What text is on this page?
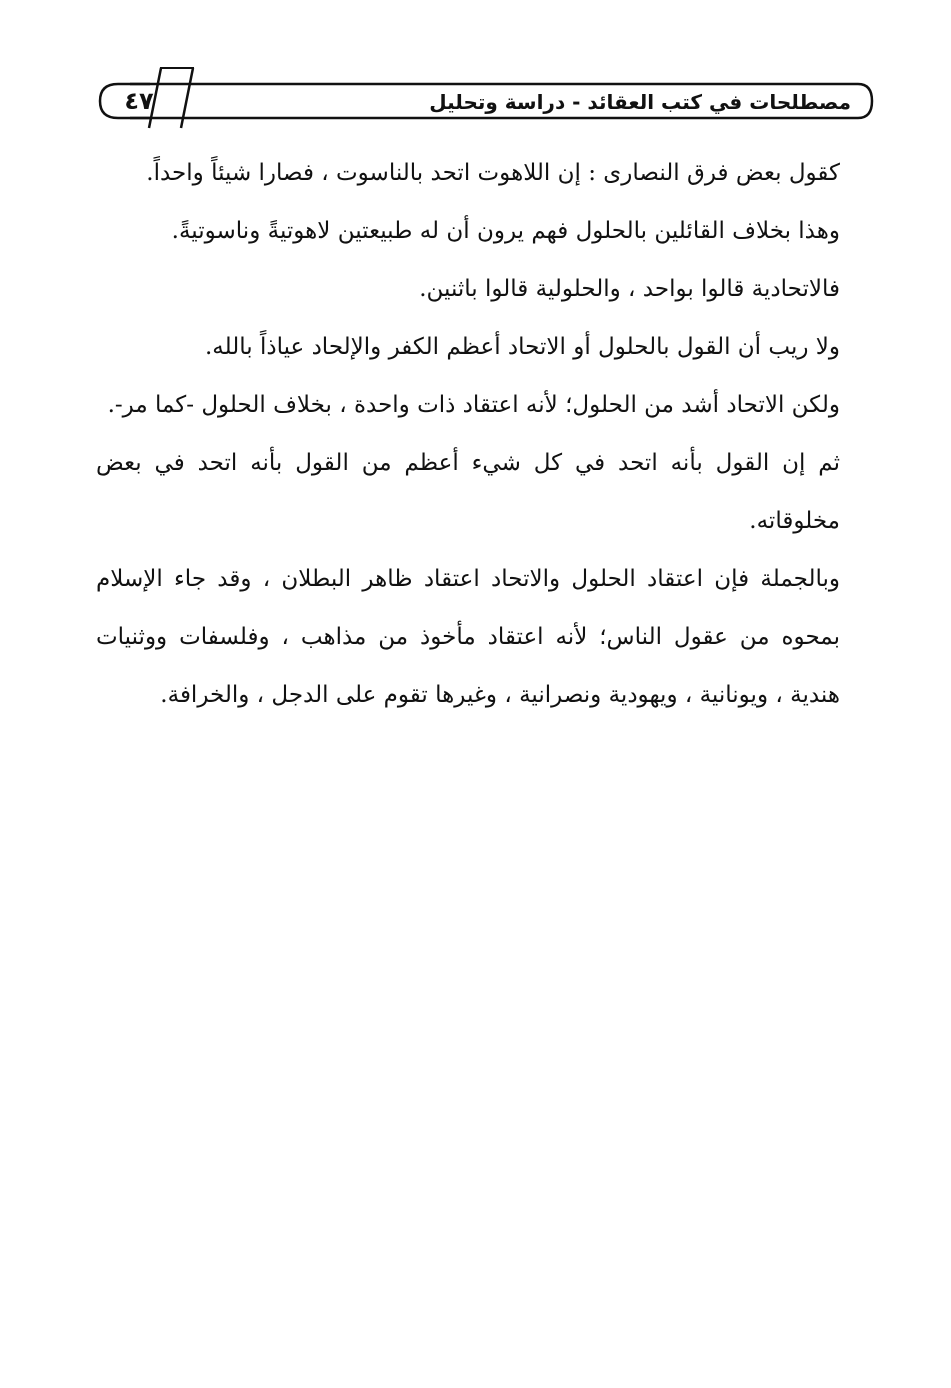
٤٧	مصطلحات في كتب العقائد - دراسة وتحليل

كقول بعض فرق النصارى : إن اللاهوت اتحد بالناسوت ، فصارا شيئاً واحداً.

وهذا بخلاف القائلين بالحلول فهم يرون أن له طبيعتين لاهوتيةً وناسوتيةً.

فالاتحادية قالوا بواحد ، والحلولية قالوا باثنين.

ولا ريب أن القول بالحلول أو الاتحاد أعظم الكفر والإلحاد عياذاً بالله.

ولكن الاتحاد أشد من الحلول؛ لأنه اعتقاد ذات واحدة ، بخلاف الحلول -كما مر-.

ثم إن القول بأنه اتحد في كل شيء أعظم من القول بأنه اتحد في بعض مخلوقاته.

وبالجملة فإن اعتقاد الحلول والاتحاد اعتقاد ظاهر البطلان ، وقد جاء الإسلام بمحوه من عقول الناس؛ لأنه اعتقاد مأخوذ من مذاهب ، وفلسفات ووثنيات هندية ، ويونانية ، ويهودية ونصرانية ، وغيرها تقوم على الدجل ، والخرافة.
